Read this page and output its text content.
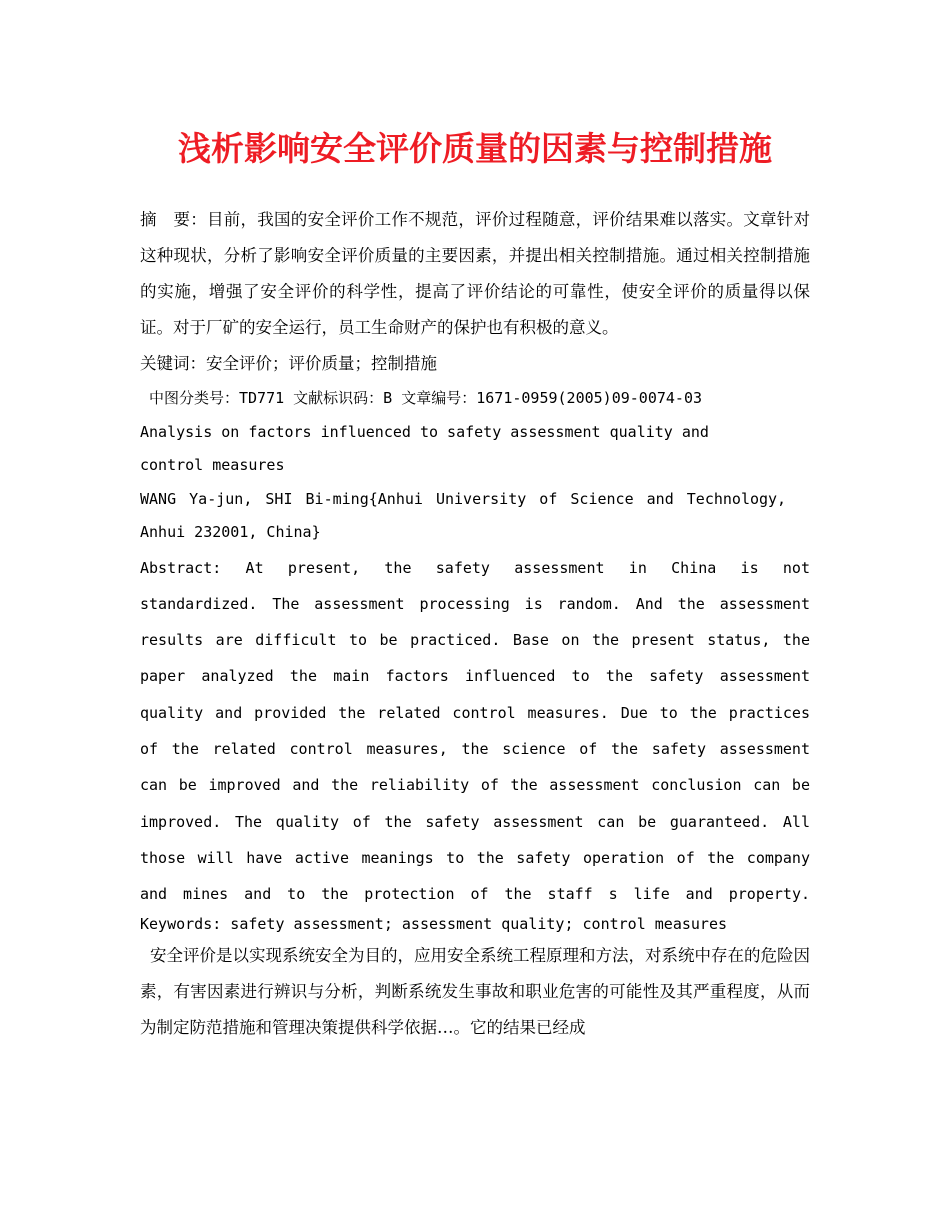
浅析影响安全评价质量的因素与控制措施

摘　要：目前，我国的安全评价工作不规范，评价过程随意，评价结果难以落实。文章针对这种现状，分析了影响安全评价质量的主要因素，并提出相关控制措施。通过相关控制措施的实施，增强了安全评价的科学性，提高了评价结论的可靠性，使安全评价的质量得以保证。对于厂矿的安全运行，员工生命财产的保护也有积极的意义。

关键词：安全评价；评价质量；控制措施

中图分类号：TD771 文献标识码：B 文章编号：1671-0959(2005)09-0074-03

Analysis on factors influenced to safety assessment quality and

control measures

WANG Ya-jun, SHI Bi-ming{Anhui University of Science and Technology,

Anhui 232001, China}

Abstract: At present, the safety assessment in China is not standardized. The assessment processing is random. And the assessment results are difficult to be practiced. Base on the present status, the paper analyzed the main factors influenced to the safety assessment quality and provided the related control measures. Due to the practices of the related control measures, the science of the safety assessment can be improved and the reliability of the assessment conclusion can be improved. The quality of the safety assessment can be guaranteed. All those will have active meanings to the safety operation of the company and mines and to the protection of the staff s life and property.

Keywords: safety assessment; assessment quality; control measures

安全评价是以实现系统安全为目的，应用安全系统工程原理和方法，对系统中存在的危险因素，有害因素进行辨识与分析，判断系统发生事故和职业危害的可能性及其严重程度，从而为制定防范措施和管理决策提供科学依据…。它的结果已经成
